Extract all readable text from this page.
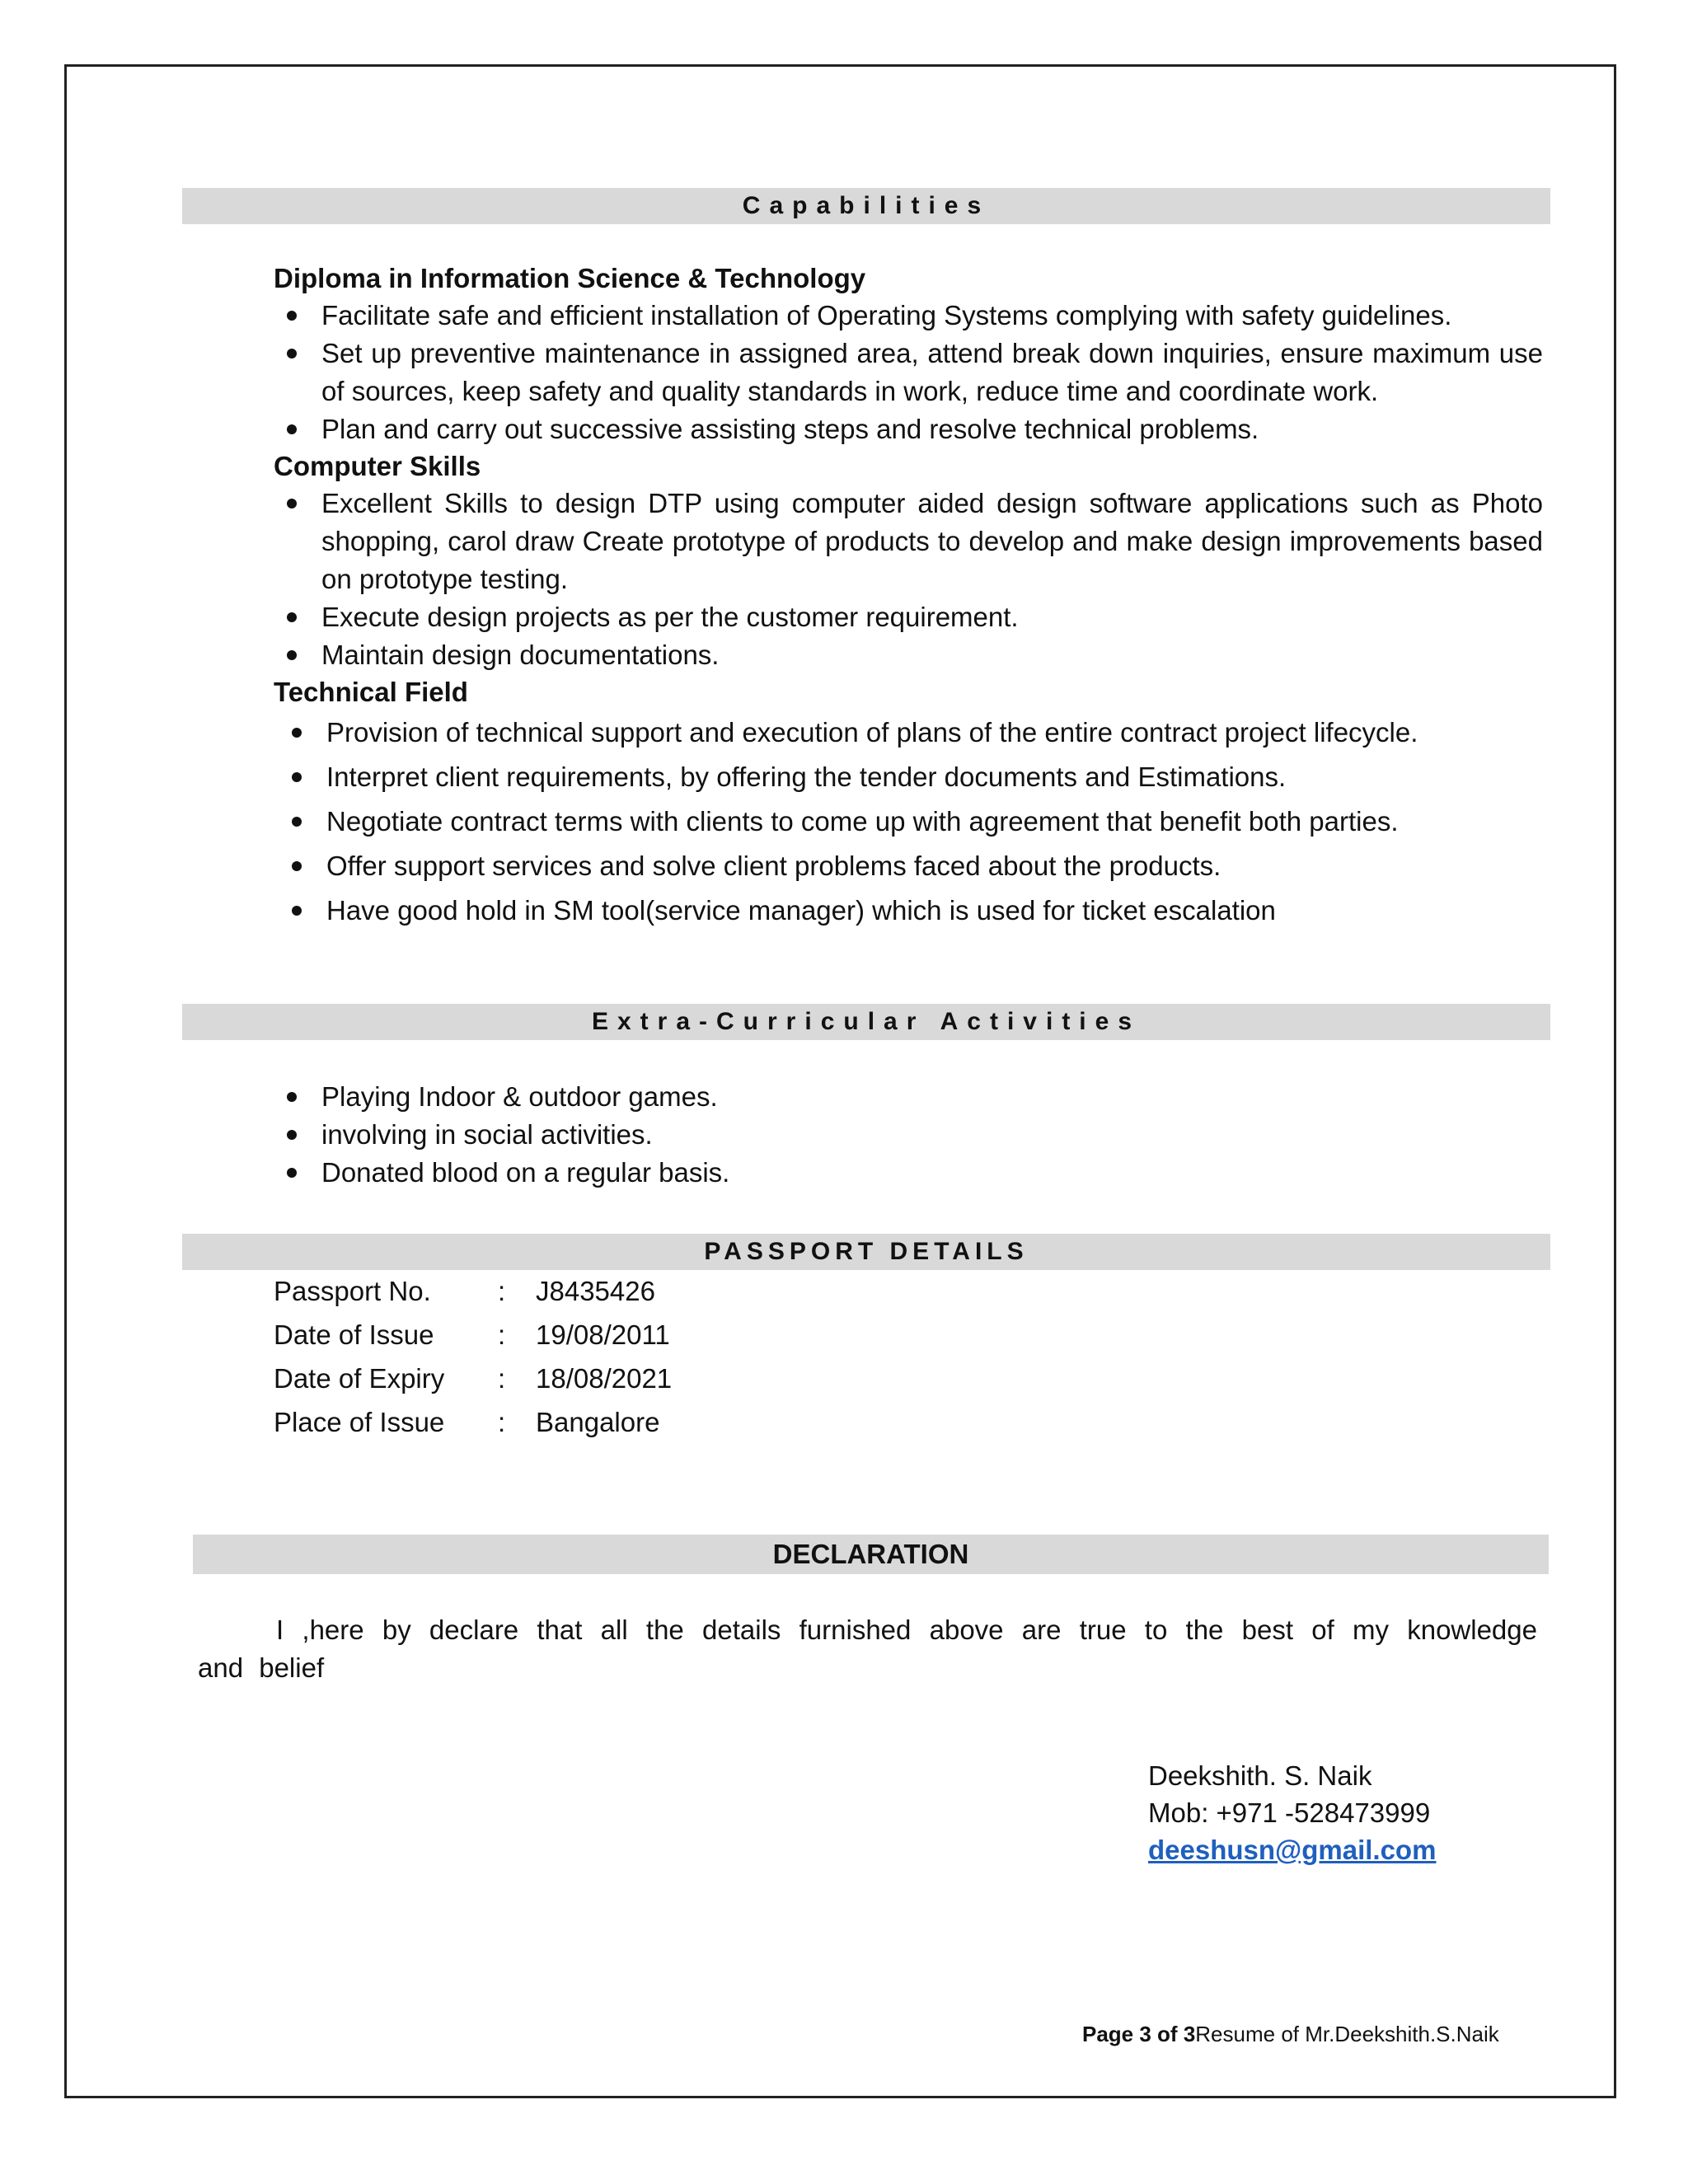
Capabilities

Diploma in Information Science & Technology

Facilitate safe and efficient installation of Operating Systems complying with safety guidelines.
Set up preventive maintenance in assigned area, attend break down inquiries, ensure maximum use of sources, keep safety and quality standards in work, reduce time and coordinate work.
Plan and carry out successive assisting steps and resolve technical problems.

Computer Skills

Excellent Skills to design DTP using computer aided design software applications such as Photo shopping, carol draw Create prototype of products to develop and make design improvements based on prototype testing.
Execute design projects as per the customer requirement.
Maintain design documentations.

Technical Field

Provision of technical support and execution of plans of the entire contract project lifecycle.
Interpret client requirements, by offering the tender documents and Estimations.
Negotiate contract terms with clients to come up with agreement that benefit both parties.
Offer support services and solve client problems faced about the products.
Have good hold in SM tool(service manager) which is used for ticket escalation
Extra-Curricular Activities
Playing Indoor & outdoor games.
involving in social activities.
Donated blood on a regular basis.
PASSPORT DETAILS
Passport No.	:	J8435426
Date of Issue	:	19/08/2011
Date of Expiry	:	18/08/2021
Place of Issue	:	Bangalore
DECLARATION

I ,here by declare that all the details furnished above are true to the best of my knowledge and belief

Deekshith. S. Naik
Mob: +971 -528473999
deeshusn@gmail.com
Page 3 of 3Resume of Mr.Deekshith.S.Naik
